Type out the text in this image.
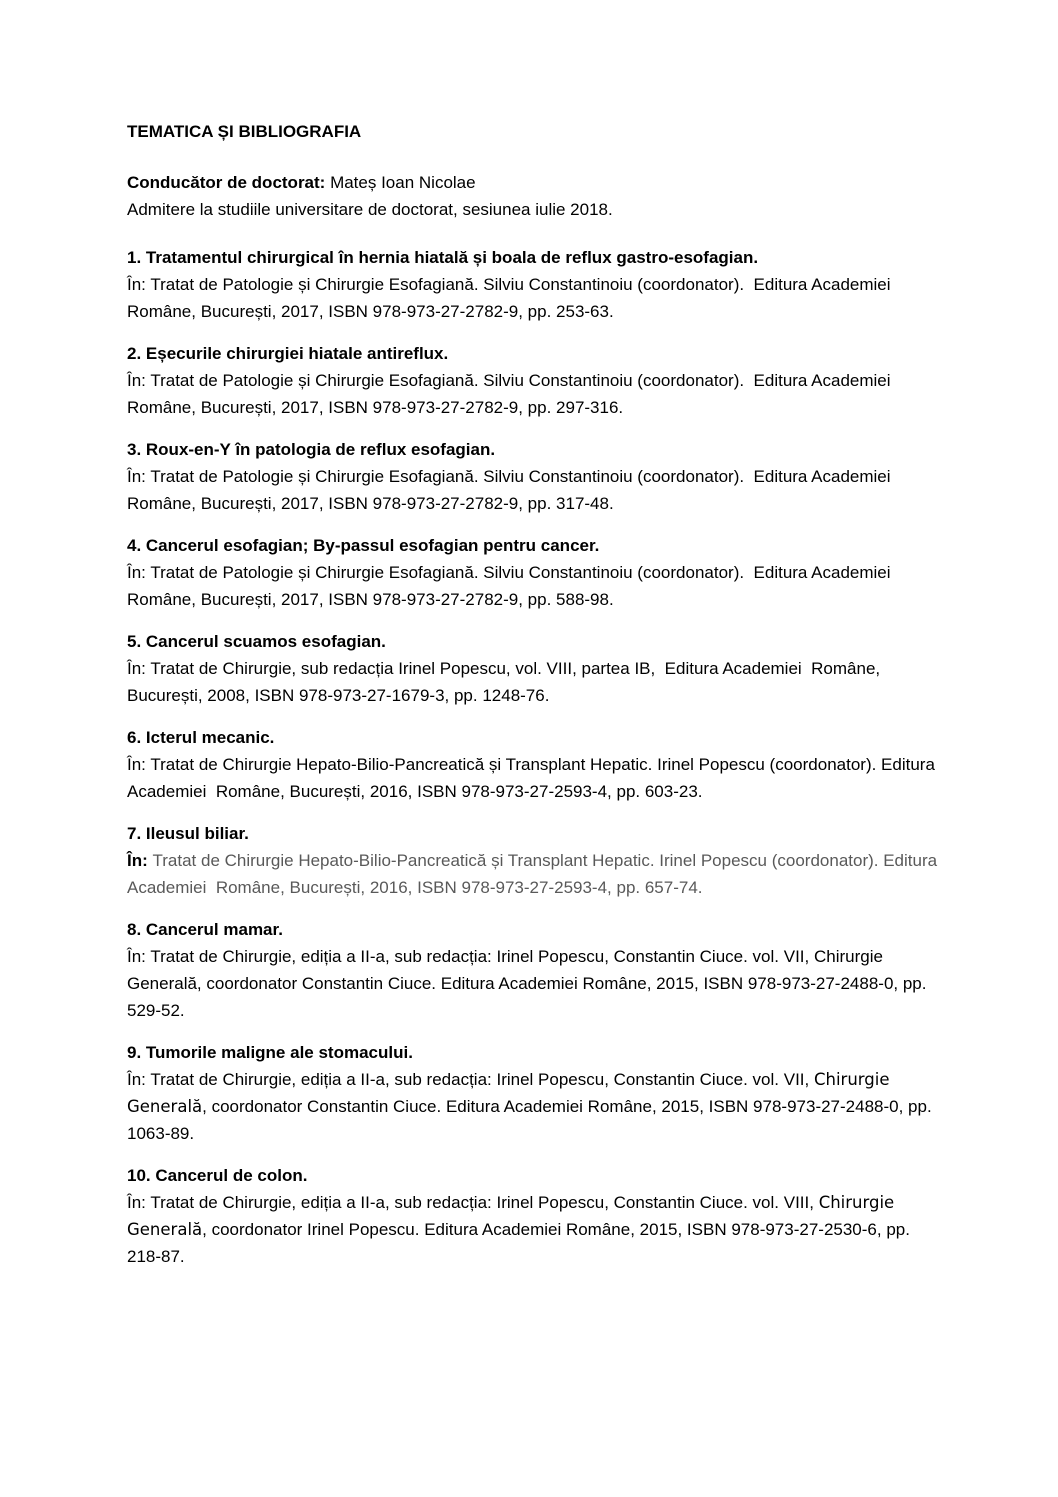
TEMATICA ȘI BIBLIOGRAFIA

Conducător de doctorat: Mateș Ioan Nicolae

Admitere la studiile universitare de doctorat, sesiunea iulie 2018.

1. Tratamentul chirurgical în hernia hiatală și boala de reflux gastro-esofagian.

În: Tratat de Patologie și Chirurgie Esofagiană. Silviu Constantinoiu (coordonator).  Editura Academiei Române, București, 2017, ISBN 978-973-27-2782-9, pp. 253-63.

2. Eșecurile chirurgiei hiatale antireflux.

În: Tratat de Patologie și Chirurgie Esofagiană. Silviu Constantinoiu (coordonator).  Editura Academiei Române, București, 2017, ISBN 978-973-27-2782-9, pp. 297-316.

3. Roux-en-Y în patologia de reflux esofagian.

În: Tratat de Patologie și Chirurgie Esofagiană. Silviu Constantinoiu (coordonator).  Editura Academiei Române, București, 2017, ISBN 978-973-27-2782-9, pp. 317-48.

4. Cancerul esofagian; By-passul esofagian pentru cancer.

În: Tratat de Patologie și Chirurgie Esofagiană. Silviu Constantinoiu (coordonator).  Editura Academiei Române, București, 2017, ISBN 978-973-27-2782-9, pp. 588-98.

5. Cancerul scuamos esofagian.

În: Tratat de Chirurgie, sub redacția Irinel Popescu, vol. VIII, partea IB,  Editura Academiei  Române, București, 2008, ISBN 978-973-27-1679-3, pp. 1248-76.

6. Icterul mecanic.

În: Tratat de Chirurgie Hepato-Bilio-Pancreatică și Transplant Hepatic. Irinel Popescu (coordonator). Editura Academiei  Române, București, 2016, ISBN 978-973-27-2593-4, pp. 603-23.

7. Ileusul biliar.

În: Tratat de Chirurgie Hepato-Bilio-Pancreatică și Transplant Hepatic. Irinel Popescu (coordonator). Editura Academiei  Române, București, 2016, ISBN 978-973-27-2593-4, pp. 657-74.

8. Cancerul mamar.

În: Tratat de Chirurgie, ediția a II-a, sub redacția: Irinel Popescu, Constantin Ciuce. vol. VII, Chirurgie Generală, coordonator Constantin Ciuce. Editura Academiei Române, 2015, ISBN 978-973-27-2488-0, pp. 529-52.

9. Tumorile maligne ale stomacului.

În: Tratat de Chirurgie, ediția a II-a, sub redacția: Irinel Popescu, Constantin Ciuce. vol. VII, Chirurgie Generală, coordonator Constantin Ciuce. Editura Academiei Române, 2015, ISBN 978-973-27-2488-0, pp. 1063-89.

10. Cancerul de colon.

În: Tratat de Chirurgie, ediția a II-a, sub redacția: Irinel Popescu, Constantin Ciuce. vol. VIII, Chirurgie Generală, coordonator Irinel Popescu. Editura Academiei Române, 2015, ISBN 978-973-27-2530-6, pp. 218-87.
